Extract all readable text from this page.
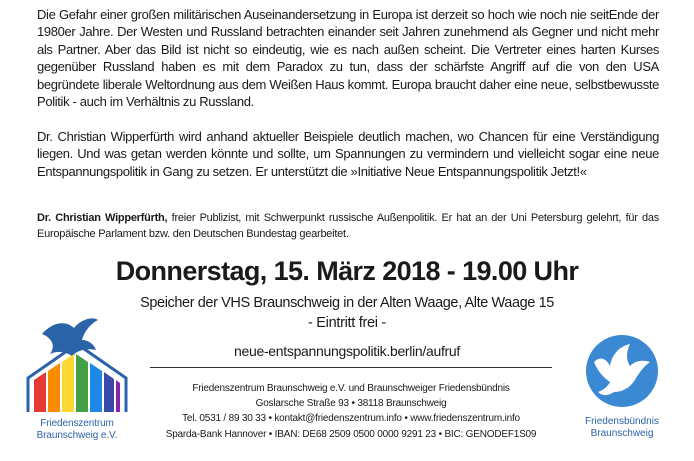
Die Gefahr einer großen militärischen Auseinandersetzung in Europa ist derzeit so hoch wie noch nie seitEnde der 1980er Jahre. Der Westen und Russland betrachten einander seit Jahren zunehmend als Gegner und nicht mehr als Partner. Aber das Bild ist nicht so eindeutig, wie es nach außen scheint. Die Vertreter eines harten Kurses gegenüber Russland haben es mit dem Paradox zu tun, dass der schärfste Angriff auf die von den USA begründete liberale Weltordnung aus dem Weißen Haus kommt. Europa braucht daher eine neue, selbstbewusste Politik - auch im Verhältnis zu Russland.

Dr. Christian Wipperfürth wird anhand aktueller Beispiele deutlich machen, wo Chancen für eine Verständigung liegen. Und was getan werden könnte und sollte, um Spannungen zu vermindern und vielleicht sogar eine neue Entspannungspolitik in Gang zu setzen. Er unterstützt die »Initiative Neue Entspannungspolitik Jetzt!«

Dr. Christian Wipperfürth, freier Publizist, mit Schwerpunkt russische Außenpolitik. Er hat an der Uni Petersburg gelehrt, für das Europäische Parlament bzw. den Deutschen Bundestag gearbeitet.

Donnerstag, 15. März 2018 - 19.00 Uhr
Speicher der VHS Braunschweig in der Alten Waage, Alte Waage 15
- Eintritt frei -
neue-entspannungspolitik.berlin/aufruf
Friedenszentrum Braunschweig e.V. und Braunschweiger Friedensbündnis
Goslarsche Straße 93 • 38118 Braunschweig
Tel. 0531 / 89 30 33 • kontakt@friedenszentrum.info • www.friedenszentrum.info
Sparda-Bank Hannover • IBAN: DE68 2509 0500 0000 9291 23 • BIC: GENODEF1S09
Friedenszentrum
Braunschweig e.V.
Friedensbündnis
Braunschweig
